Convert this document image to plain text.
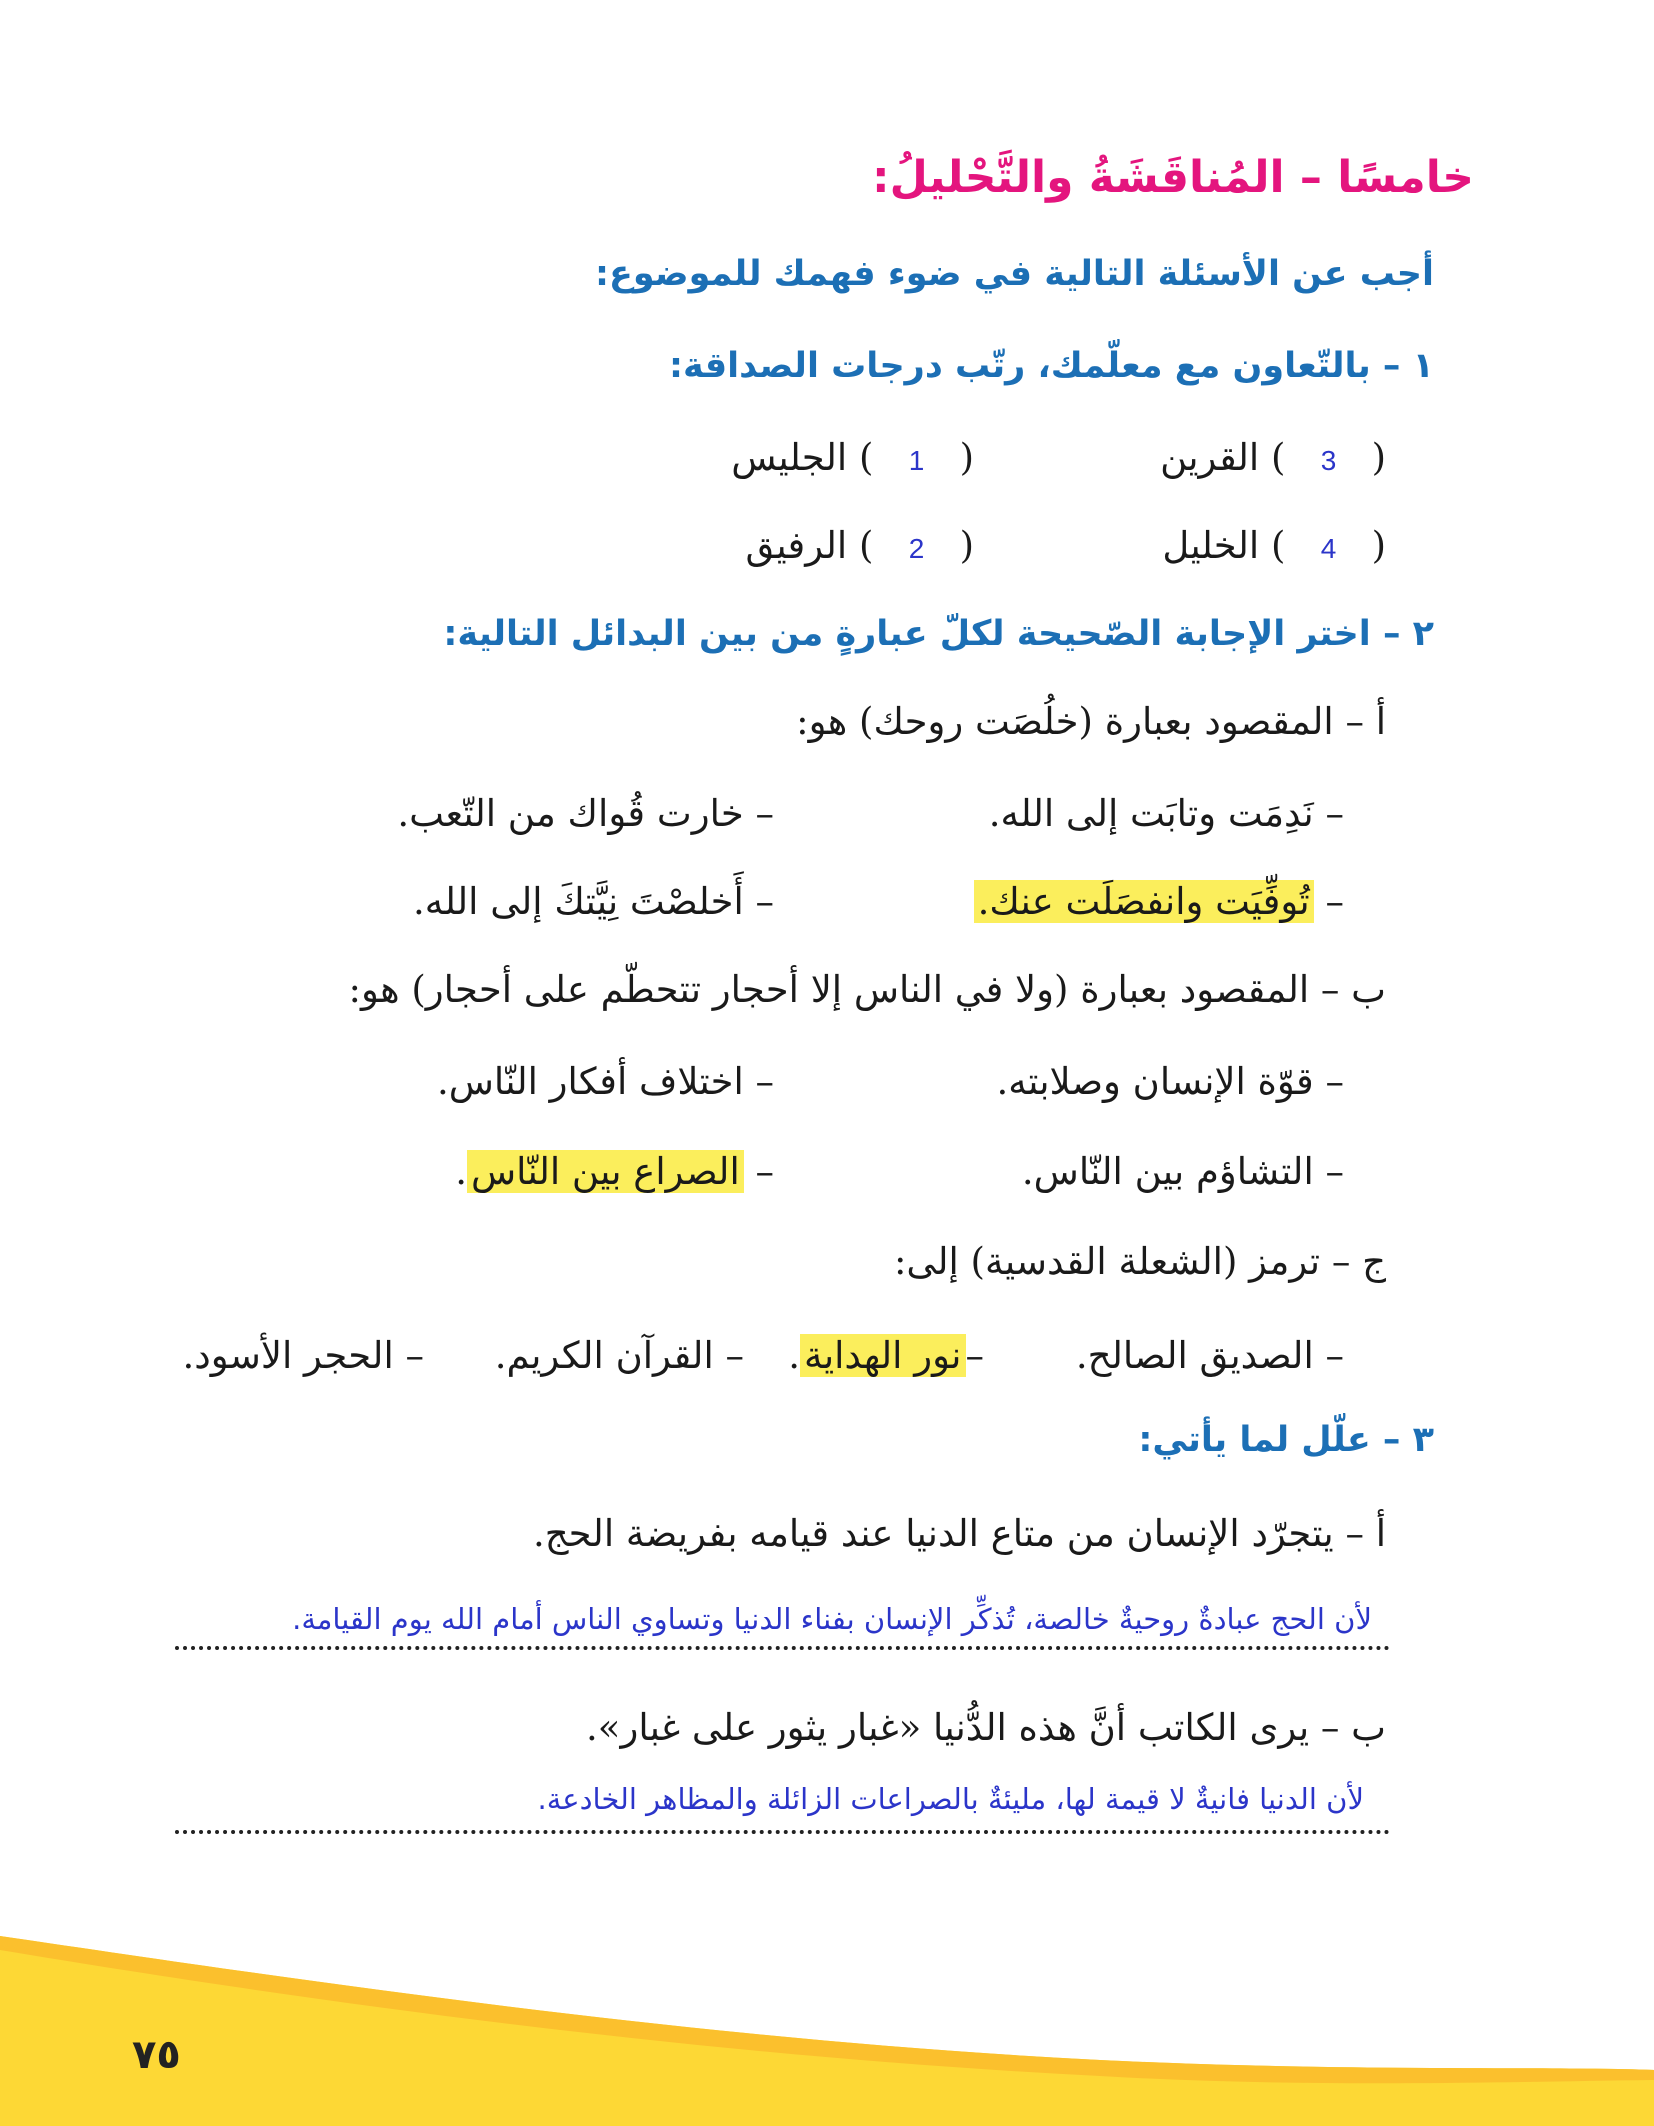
خامسًا – المُناقَشَةُ والتَّحْليلُ:
أجب عن الأسئلة التالية في ضوء فهمك للموضوع:
١ – بالتّعاون مع معلّمك، رتّب درجات الصداقة:
(   3   ) القرين
(   1   ) الجليس
(   4   ) الخليل
(   2   ) الرفيق
٢ – اختر الإجابة الصّحيحة لكلّ عبارةٍ من بين البدائل التالية:
أ – المقصود بعبارة (خلُصَت روحك) هو:
– نَدِمَت وتابَت إلى الله.
– خارت قُواك من التّعب.
– تُوفِّيَت وانفصَلَت عنك.
– أَخلصْتَ نِيَّتكَ إلى الله.
ب – المقصود بعبارة (ولا في الناس إلا أحجار تتحطّم على أحجار) هو:
– قوّة الإنسان وصلابته.
– اختلاف أفكار النّاس.
– التشاؤم بين النّاس.
– الصراع بين النّاس.
ج – ترمز (الشعلة القدسية) إلى:
– الصديق الصالح.
–نور الهداية.
– القرآن الكريم.
– الحجر الأسود.
٣ – علّل لما يأتي:
أ – يتجرّد الإنسان من متاع الدنيا عند قيامه بفريضة الحج.
لأن الحج عبادةٌ روحيةٌ خالصة، تُذكِّر الإنسان بفناء الدنيا وتساوي الناس أمام الله يوم القيامة.
ب – يرى الكاتب أنَّ هذه الدُّنيا «غبار يثور على غبار».
لأن الدنيا فانيةٌ لا قيمة لها، مليئةٌ بالصراعات الزائلة والمظاهر الخادعة.
٧٥
